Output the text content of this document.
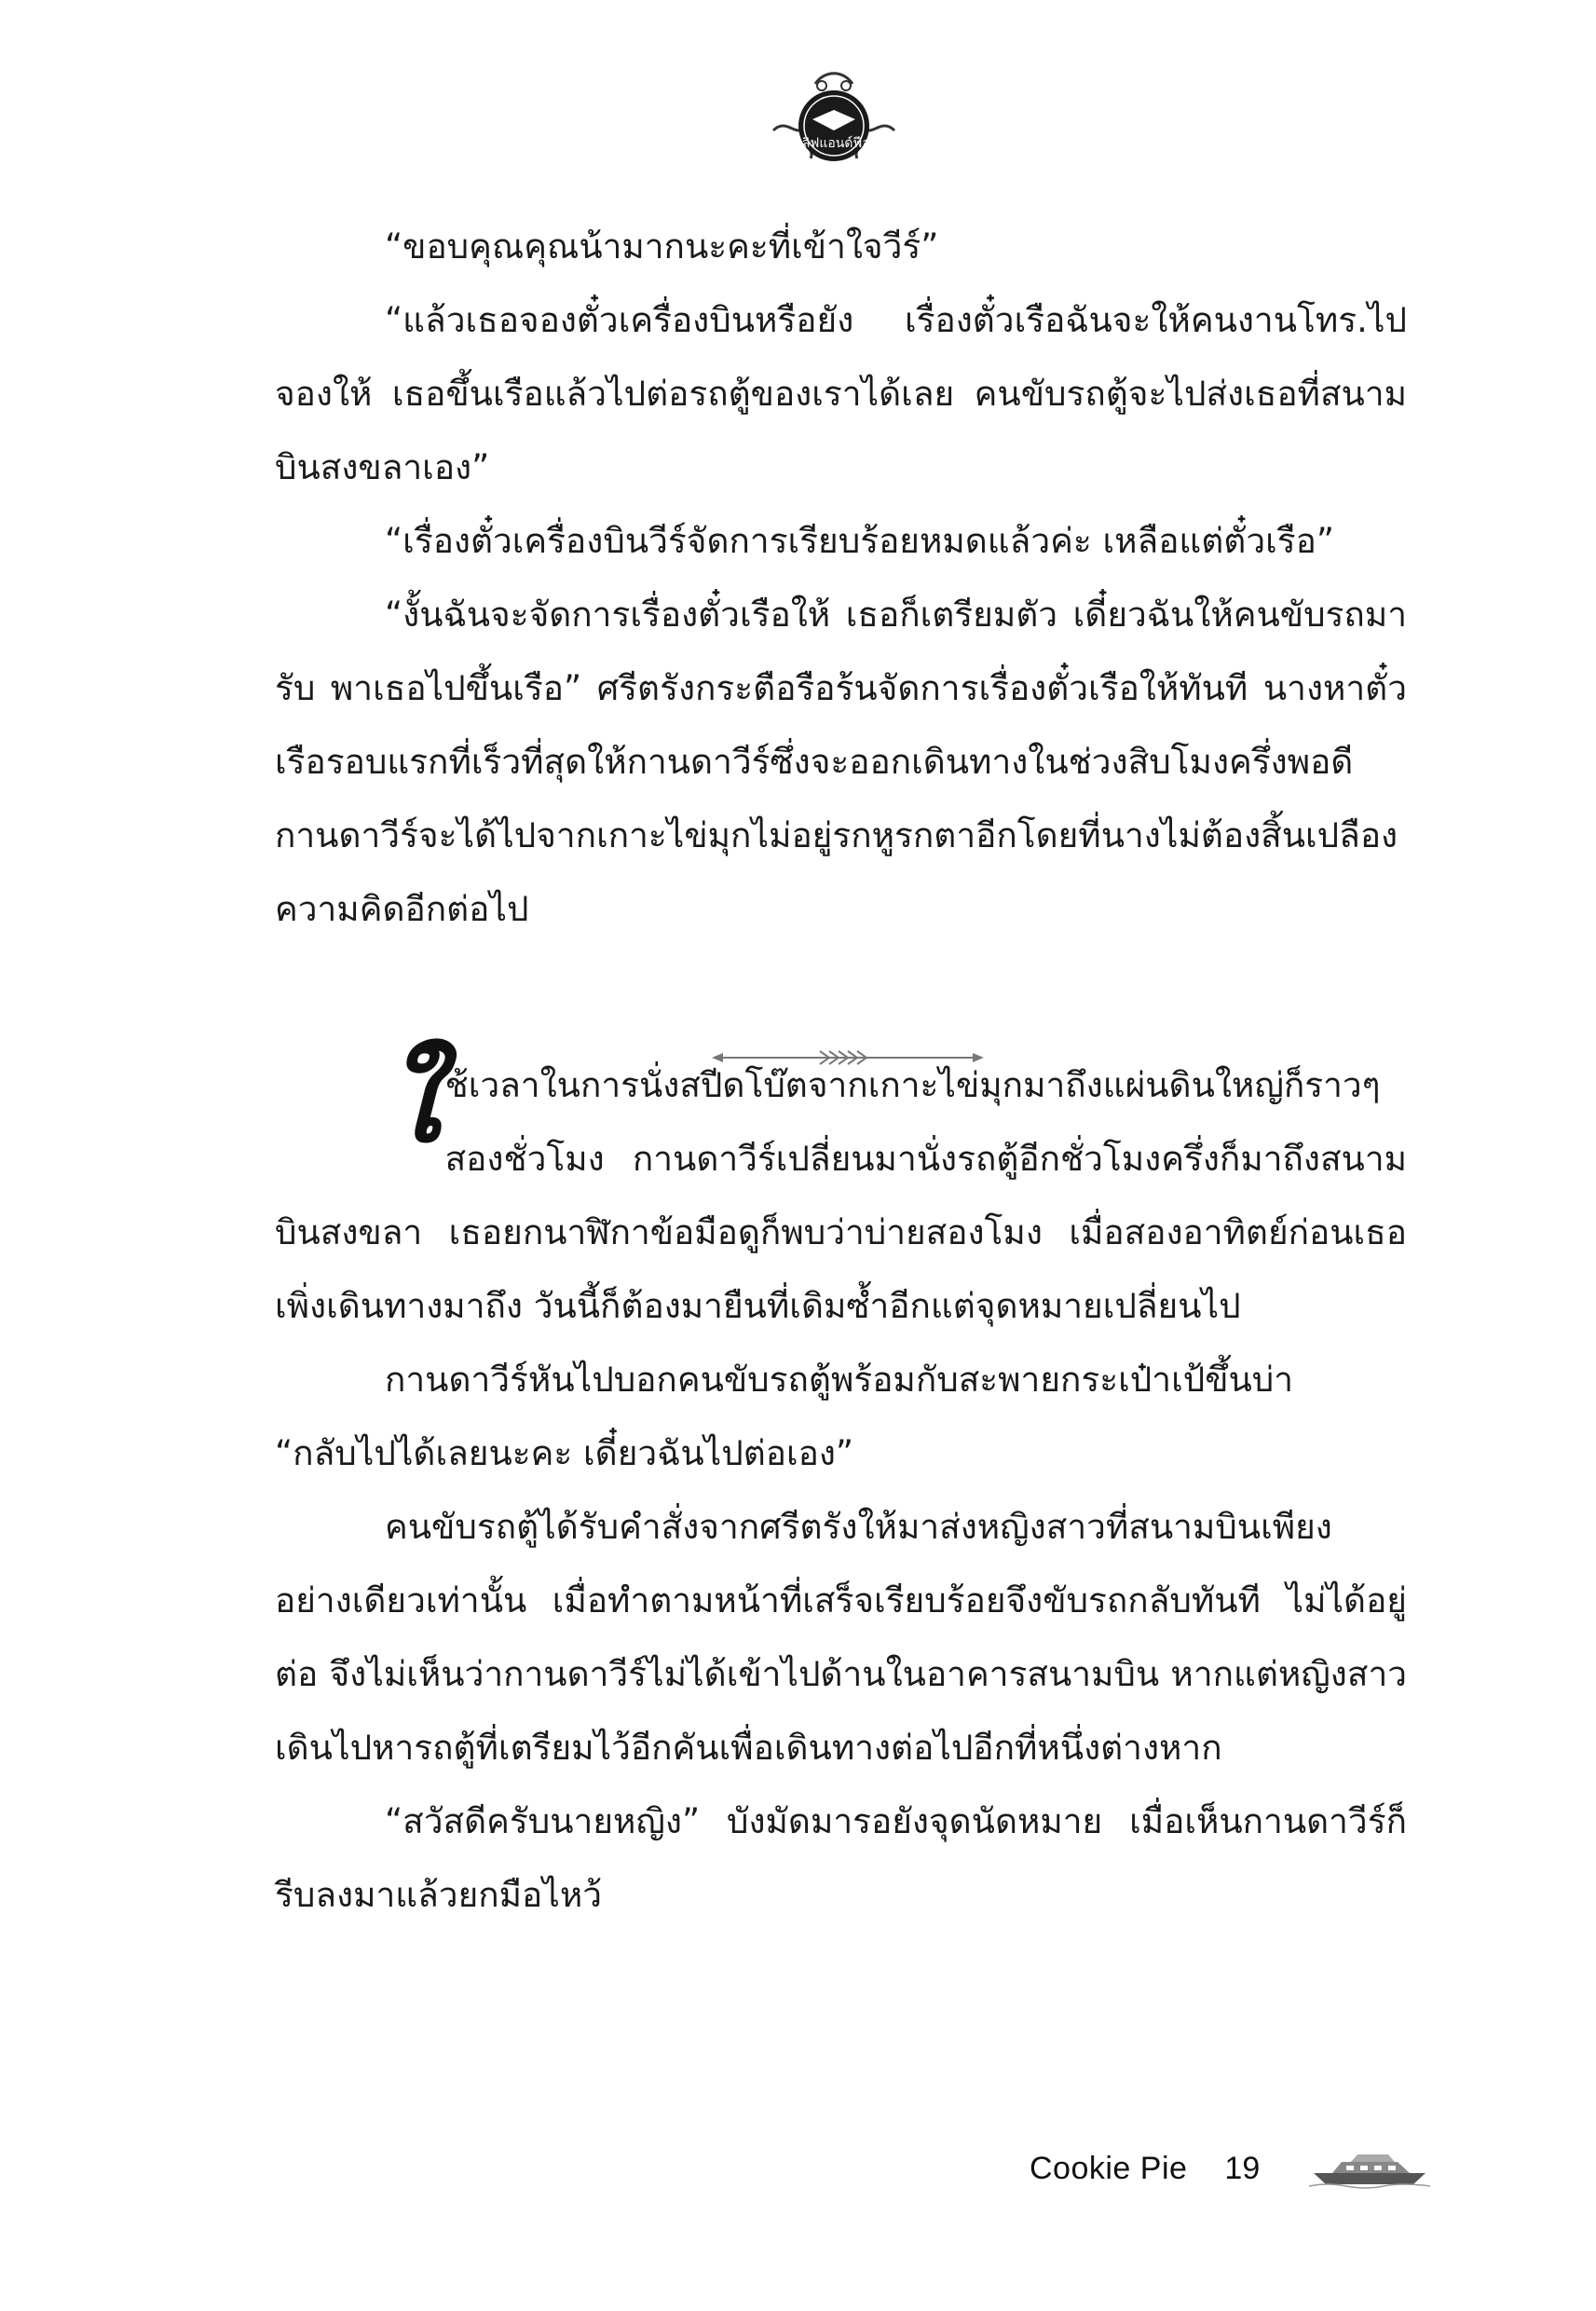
เลิฟแอนด์ฟีล

“ขอบคุณคุณน้ามากนะคะที่เข้าใจวีร์”

“แล้วเธอจองตั๋วเครื่องบินหรือยัง เรื่องตั๋วเรือฉันจะให้คนงานโทร.ไปจองให้ เธอขึ้นเรือแล้วไปต่อรถตู้ของเราได้เลย คนขับรถตู้จะไปส่งเธอที่สนามบินสงขลาเอง”

“เรื่องตั๋วเครื่องบินวีร์จัดการเรียบร้อยหมดแล้วค่ะ เหลือแต่ตั๋วเรือ”

“งั้นฉันจะจัดการเรื่องตั๋วเรือให้ เธอก็เตรียมตัว เดี๋ยวฉันให้คนขับรถมารับ พาเธอไปขึ้นเรือ” ศรีตรังกระตือรือร้นจัดการเรื่องตั๋วเรือให้ทันที นางหาตั๋วเรือรอบแรกที่เร็วที่สุดให้กานดาวีร์ซึ่งจะออกเดินทางในช่วงสิบโมงครึ่งพอดี กานดาวีร์จะได้ไปจากเกาะไข่มุกไม่อยู่รกหูรกตาอีกโดยที่นางไม่ต้องสิ้นเปลืองความคิดอีกต่อไป

ใช้เวลาในการนั่งสปีดโบ๊ตจากเกาะไข่มุกมาถึงแผ่นดินใหญ่ก็ราวๆ สองชั่วโมง กานดาวีร์เปลี่ยนมานั่งรถตู้อีกชั่วโมงครึ่งก็มาถึงสนามบินสงขลา เธอยกนาฬิกาข้อมือดูก็พบว่าบ่ายสองโมง เมื่อสองอาทิตย์ก่อนเธอเพิ่งเดินทางมาถึง วันนี้ก็ต้องมายืนที่เดิมซ้ำอีกแต่จุดหมายเปลี่ยนไป

กานดาวีร์หันไปบอกคนขับรถตู้พร้อมกับสะพายกระเป๋าเป้ขึ้นบ่า

“กลับไปได้เลยนะคะ เดี๋ยวฉันไปต่อเอง”

คนขับรถตู้ได้รับคำสั่งจากศรีตรังให้มาส่งหญิงสาวที่สนามบินเพียงอย่างเดียวเท่านั้น เมื่อทำตามหน้าที่เสร็จเรียบร้อยจึงขับรถกลับทันที ไม่ได้อยู่ต่อ จึงไม่เห็นว่ากานดาวีร์ไม่ได้เข้าไปด้านในอาคารสนามบิน หากแต่หญิงสาวเดินไปหารถตู้ที่เตรียมไว้อีกคันเพื่อเดินทางต่อไปอีกที่หนึ่งต่างหาก

“สวัสดีครับนายหญิง” บังมัดมารอยังจุดนัดหมาย เมื่อเห็นกานดาวีร์ก็รีบลงมาแล้วยกมือไหว้

Cookie Pie 19
